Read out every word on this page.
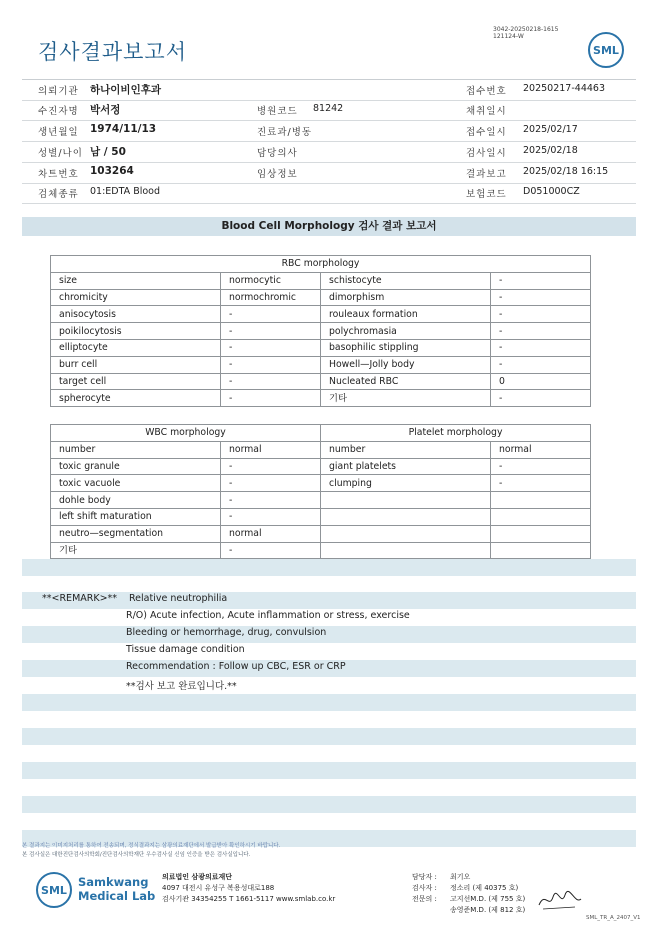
검사결과보고서
3042-20250218-1615
121124-W
SML
의뢰기관 하나이비인후과	접수번호 20250217-44463
수진자명 박서정	병원코드 81242	채취일시
생년월일 1974/11/13	진료과/병동	접수일시 2025/02/17
성별/나이 남 / 50	담당의사	검사일시 2025/02/18
차트번호 103264	임상정보	결과보고 2025/02/18 16:15
검체종류 01:EDTA Blood	보험코드 D051000CZ
Blood Cell Morphology 검사 결과 보고서
RBC morphology			
size	normocytic	schistocyte	-
chromicity	normochromic	dimorphism	-
anisocytosis	-	rouleaux formation	-
poikilocytosis	-	polychromasia	-
elliptocyte	-	basophilic stippling	-
burr cell	-	Howell—Jolly body	-
target cell	-	Nucleated RBC	0
spherocyte	-	기타	-
WBC morphology		Platelet morphology	
number	normal	number	normal
toxic granule	-	giant platelets	-
toxic vacuole	-	clumping	-
dohle body	-		
left shift maturation	-		
neutro—segmentation	normal		
기타	-		
**<REMARK>** Relative neutrophilia
R/O) Acute infection, Acute inflammation or stress, exercise
Bleeding or hemorrhage, drug, convulsion
Tissue damage condition
Recommendation : Follow up CBC, ESR or CRP
**검사 보고 완료입니다.**
본 결과지는 이미지처리를 통하여 전송되며, 정식결과지는 삼광의료재단에서 발급받아 확인하시기 바랍니다.
본 검사실은 대한진단검사의학회/진단검사의학재단 우수검사실 신임 인증을 받은 검사실입니다.
SML
Samkwang
Medical Lab
의료법인 삼광의료재단
4097 대전시 유성구 복용성대로188
검사기관 34354255 T 1661-5117 www.smlab.co.kr
담당자 : 최기오
검사자 : 정소리 (제 40375 호)
전문의 : 고지선M.D. (제 755 호)
송영준M.D. (제 812 호)
SML_TR_A_2407_V1
